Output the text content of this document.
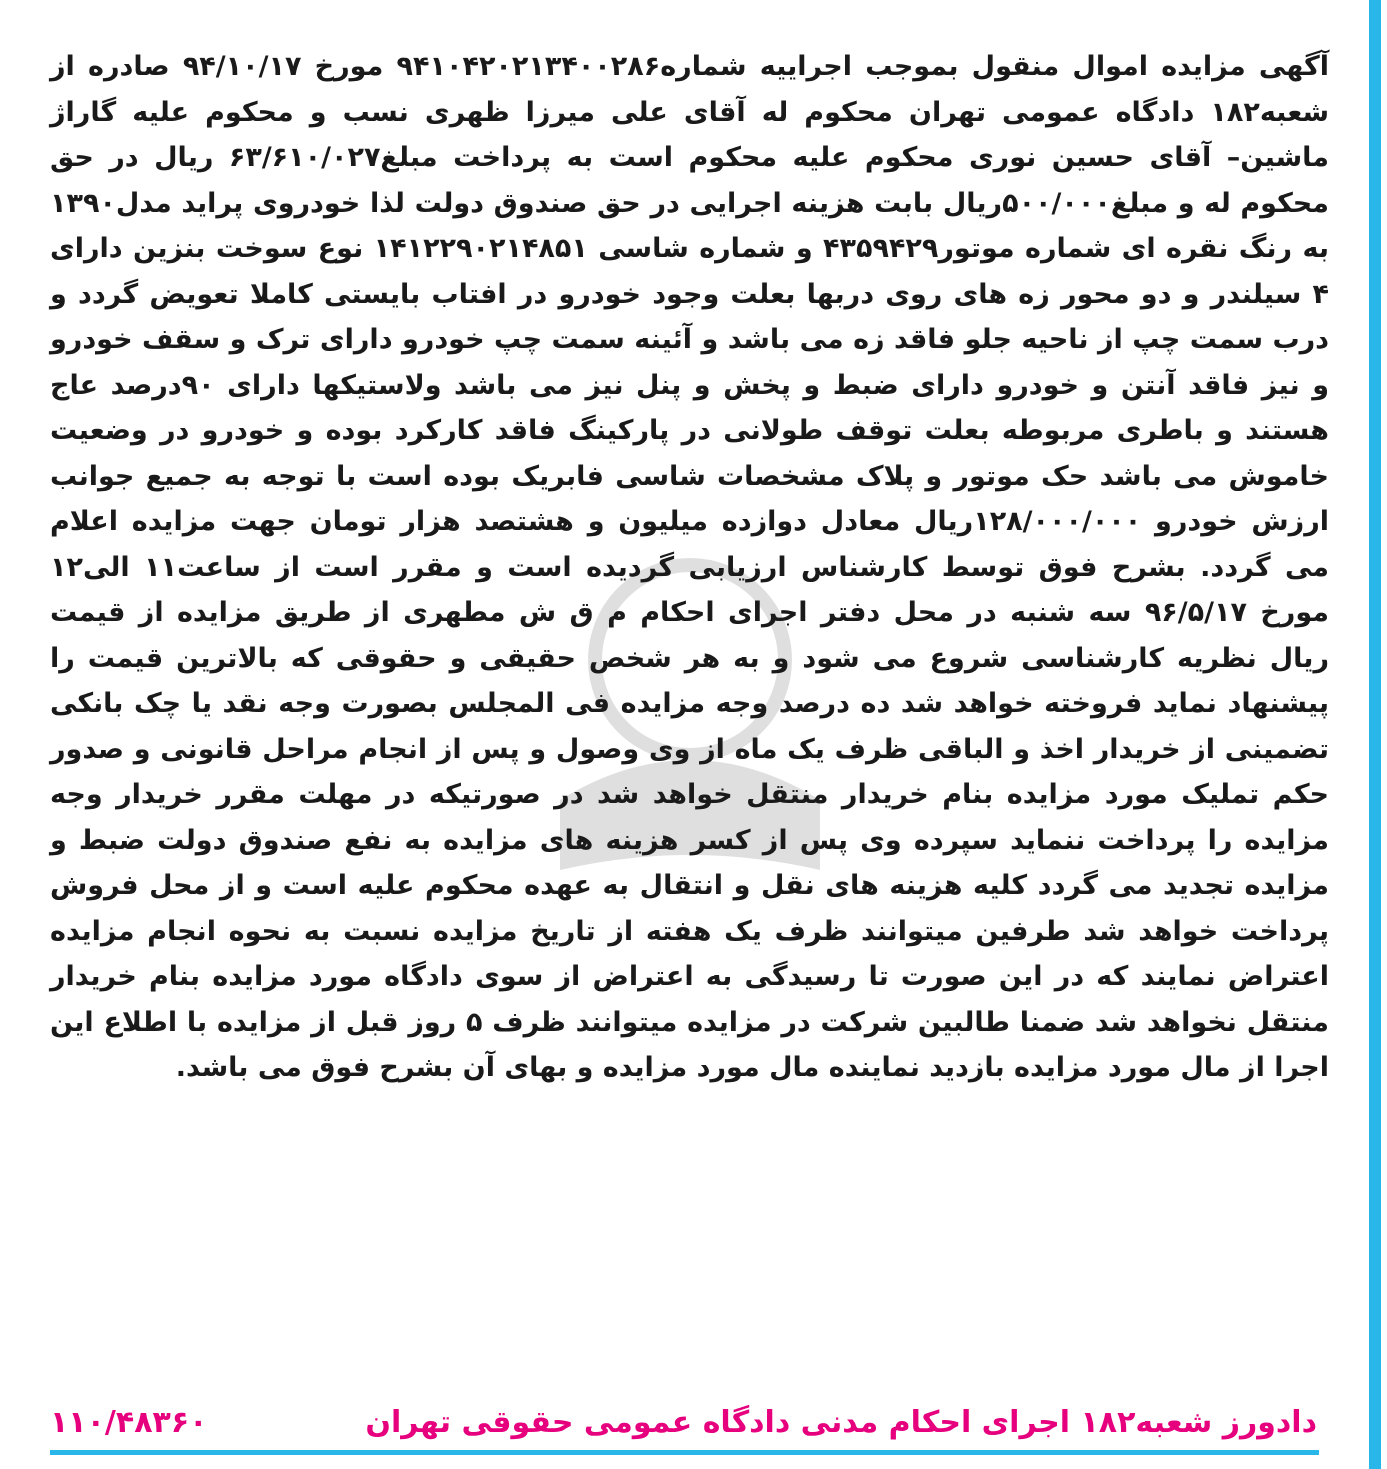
آگهی مزایده اموال منقول بموجب اجراییه شماره۹۴۱۰۴۲۰۲۱۳۴۰۰۲۸۶ مورخ ۹۴/۱۰/۱۷ صادره از شعبه۱۸۲ دادگاه عمومی تهران محکوم له آقای علی میرزا ظهری نسب و محکوم علیه گاراژ ماشین– آقای حسین نوری محکوم علیه محکوم است به پرداخت مبلغ۶۳/۶۱۰/۰۲۷ ریال در حق محکوم له و مبلغ۵۰۰/۰۰۰ریال بابت هزینه اجرایی در حق صندوق دولت لذا خودروی پراید مدل۱۳۹۰ به رنگ نقره ای شماره موتور۴۳۵۹۴۲۹ و شماره شاسی ۱۴۱۲۲۹۰۲۱۴۸۵۱ نوع سوخت بنزین دارای ۴ سیلندر و دو محور زه های روی دربها بعلت وجود خودرو در افتاب بایستی کاملا تعویض گردد و درب سمت چپ از ناحیه جلو فاقد زه می باشد و آئینه سمت چپ خودرو دارای ترک و سقف خودرو و نیز فاقد آنتن و خودرو دارای ضبط و پخش و پنل نیز می باشد ولاستیکها دارای ۹۰درصد عاج هستند و باطری مربوطه بعلت توقف طولانی در پارکینگ فاقد کارکرد بوده و خودرو در وضعیت خاموش می باشد حک موتور و پلاک مشخصات شاسی فابریک بوده است با توجه به جمیع جوانب ارزش خودرو ۱۲۸/۰۰۰/۰۰۰ریال معادل دوازده میلیون و هشتصد هزار تومان جهت مزایده اعلام می گردد. بشرح فوق توسط کارشناس ارزیابی گردیده است و مقرر است از ساعت۱۱ الی۱۲ مورخ ۹۶/۵/۱۷ سه شنبه در محل دفتر اجرای احکام م ق ش مطهری از طریق مزایده از قیمت ریال نظریه کارشناسی شروع می شود و به هر شخص حقیقی و حقوقی که بالاترین قیمت را پیشنهاد نماید فروخته خواهد شد ده درصد وجه مزایده فی المجلس بصورت وجه نقد یا چک بانکی تضمینی از خریدار اخذ و الباقی ظرف یک ماه از وی وصول و پس از انجام مراحل قانونی و صدور حکم تملیک مورد مزایده بنام خریدار منتقل خواهد شد در صورتیکه در مهلت مقرر خریدار وجه مزایده را پرداخت ننماید سپرده وی پس از کسر هزینه های مزایده به نفع صندوق دولت ضبط و مزایده تجدید می گردد کلیه هزینه های نقل و انتقال به عهده محکوم علیه است و از محل فروش پرداخت خواهد شد طرفین میتوانند ظرف یک هفته از تاریخ مزایده نسبت به نحوه انجام مزایده اعتراض نمایند که در این صورت تا رسیدگی به اعتراض از سوی دادگاه مورد مزایده بنام خریدار منتقل نخواهد شد ضمنا طالبین شرکت در مزایده میتوانند ظرف ۵ روز قبل از مزایده با اطلاع این اجرا از مال مورد مزایده بازدید نماینده مال مورد مزایده و بهای آن بشرح فوق می باشد.
دادورز شعبه۱۸۲ اجرای احکام مدنی دادگاه عمومی حقوقی تهران
۱۱۰/۴۸۳۶۰
